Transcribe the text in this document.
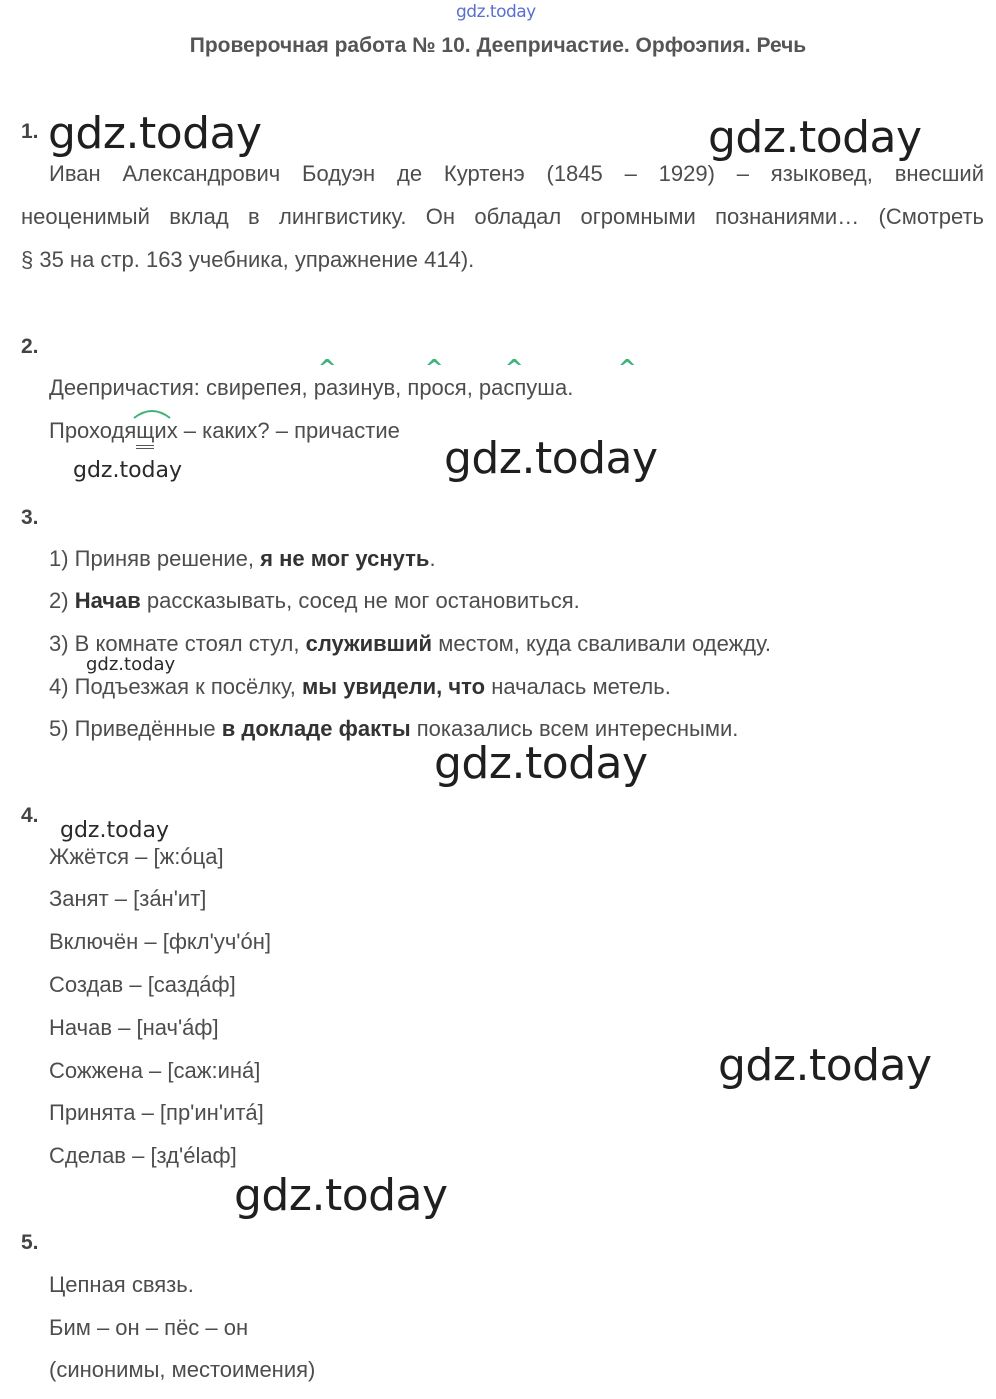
gdz.today
Проверочная работа № 10. Деепричастие. Орфоэпия. Речь
1. gdz.today	gdz.today
Иван Александрович Бодуэн де Куртенэ (1845 – 1929) – языковед, внесший
неоценимый вклад в лингвистику. Он обладал огромными познаниями… (Смотреть
§ 35 на стр. 163 учебника, упражнение 414).
2.
^	^	^	^
Деепричастия: свирепея, разинув, прося, распуша.
Проходящих – каких? – причастие
gdz.today	gdz.today
3.
1) Приняв решение, я не мог уснуть.
2) Начав рассказывать, сосед не мог остановиться.
3) В комнате стоял стул, служивший местом, куда сваливали одежду.
gdz.today
4) Подъезжая к посёлку, мы увидели, что началась метель.
5) Приведённые в докладе факты показались всем интересными.
gdz.today
4.
gdz.today
Жжётся – [ж:óца]
Занят – [зáн'ит]
Включён – [фкл'уч'óн]
Создав – [саздáф]
Начав – [нач'áф]
Сожжена – [саж:инá]
Принята – [пр'ин'итá]
Сделав – [зд'élaф]
gdz.today
gdz.today
5.
Цепная связь.
Бим – он – пёс – он
(синонимы, местоимения)
